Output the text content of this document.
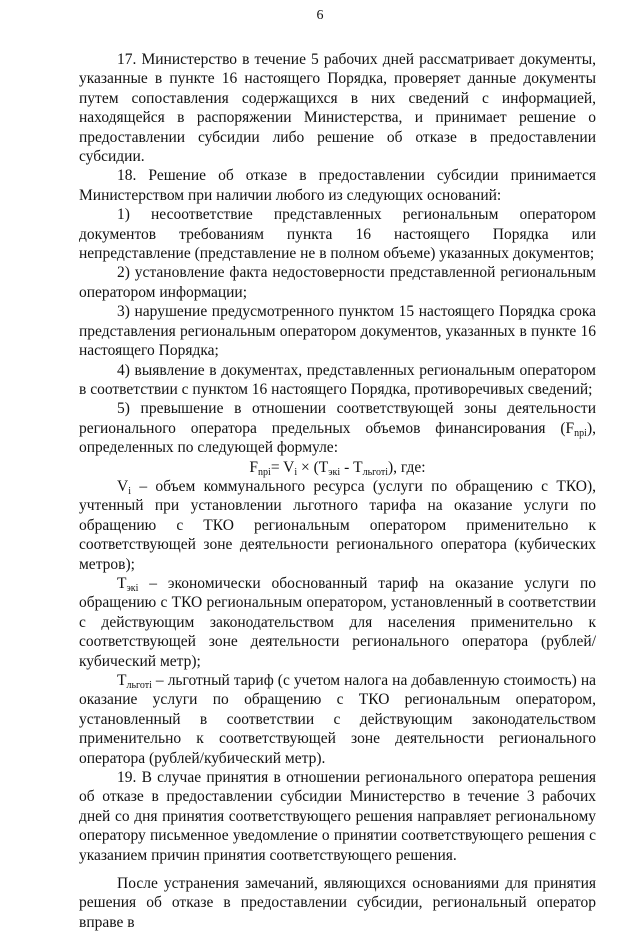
6

17. Министерство в течение 5 рабочих дней рассматривает документы, указанные в пункте 16 настоящего Порядка, проверяет данные документы путем сопоставления содержащихся в них сведений с информацией, находящейся в распоряжении Министерства, и принимает решение о предоставлении субсидии либо решение об отказе в предоставлении субсидии.

18. Решение об отказе в предоставлении субсидии принимается Министерством при наличии любого из следующих оснований:

1) несоответствие представленных региональным оператором документов требованиям пункта 16 настоящего Порядка или непредставление (представление не в полном объеме) указанных документов;

2) установление факта недостоверности представленной региональным оператором информации;

3) нарушение предусмотренного пунктом 15 настоящего Порядка срока представления региональным оператором документов, указанных в пункте 16 настоящего Порядка;

4) выявление в документах, представленных региональным оператором в соответствии с пунктом 16 настоящего Порядка, противоречивых сведений;

5) превышение в отношении соответствующей зоны деятельности регионального оператора предельных объемов финансирования $(F_{npi})$, определенных по следующей формуле:

$F_{npi}= V_i \times (T_{экі} - T_{льготі})$, где:

$V_i$ – объем коммунального ресурса (услуги по обращению с ТКО), учтенный при установлении льготного тарифа на оказание услуги по обращению с ТКО региональным оператором применительно к соответствующей зоне деятельности регионального оператора (кубических метров);

$T_{экі}$ – экономически обоснованный тариф на оказание услуги по обращению с ТКО региональным оператором, установленный в соответствии с действующим законодательством для населения применительно к соответствующей зоне деятельности регионального оператора (рублей/кубический метр);

$T_{льготі}$ – льготный тариф (с учетом налога на добавленную стоимость) на оказание услуги по обращению с ТКО региональным оператором, установленный в соответствии с действующим законодательством применительно к соответствующей зоне деятельности регионального оператора (рублей/кубический метр).

19. В случае принятия в отношении регионального оператора решения об отказе в предоставлении субсидии Министерство в течение 3 рабочих дней со дня принятия соответствующего решения направляет региональному оператору письменное уведомление о принятии соответствующего решения с указанием причин принятия соответствующего решения.

После устранения замечаний, являющихся основаниями для принятия решения об отказе в предоставлении субсидии, региональный оператор вправе в
